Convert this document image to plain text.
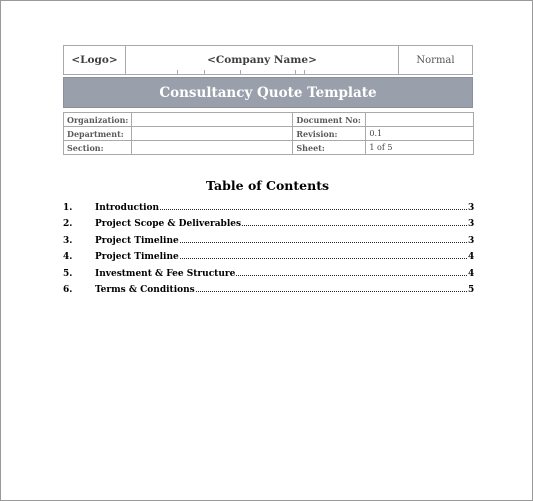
<Logo>	<Company Name>	Normal
Consultancy Quote Template
Organization:		Document No:	
Department:		Revision:	0.1
Section:		Sheet:	1 of 5
Table of Contents
1.	Introduction	3
2.	Project Scope & Deliverables	3
3.	Project Timeline	3
4.	Project Timeline	4
5.	Investment & Fee Structure	4
6.	Terms & Conditions	5
